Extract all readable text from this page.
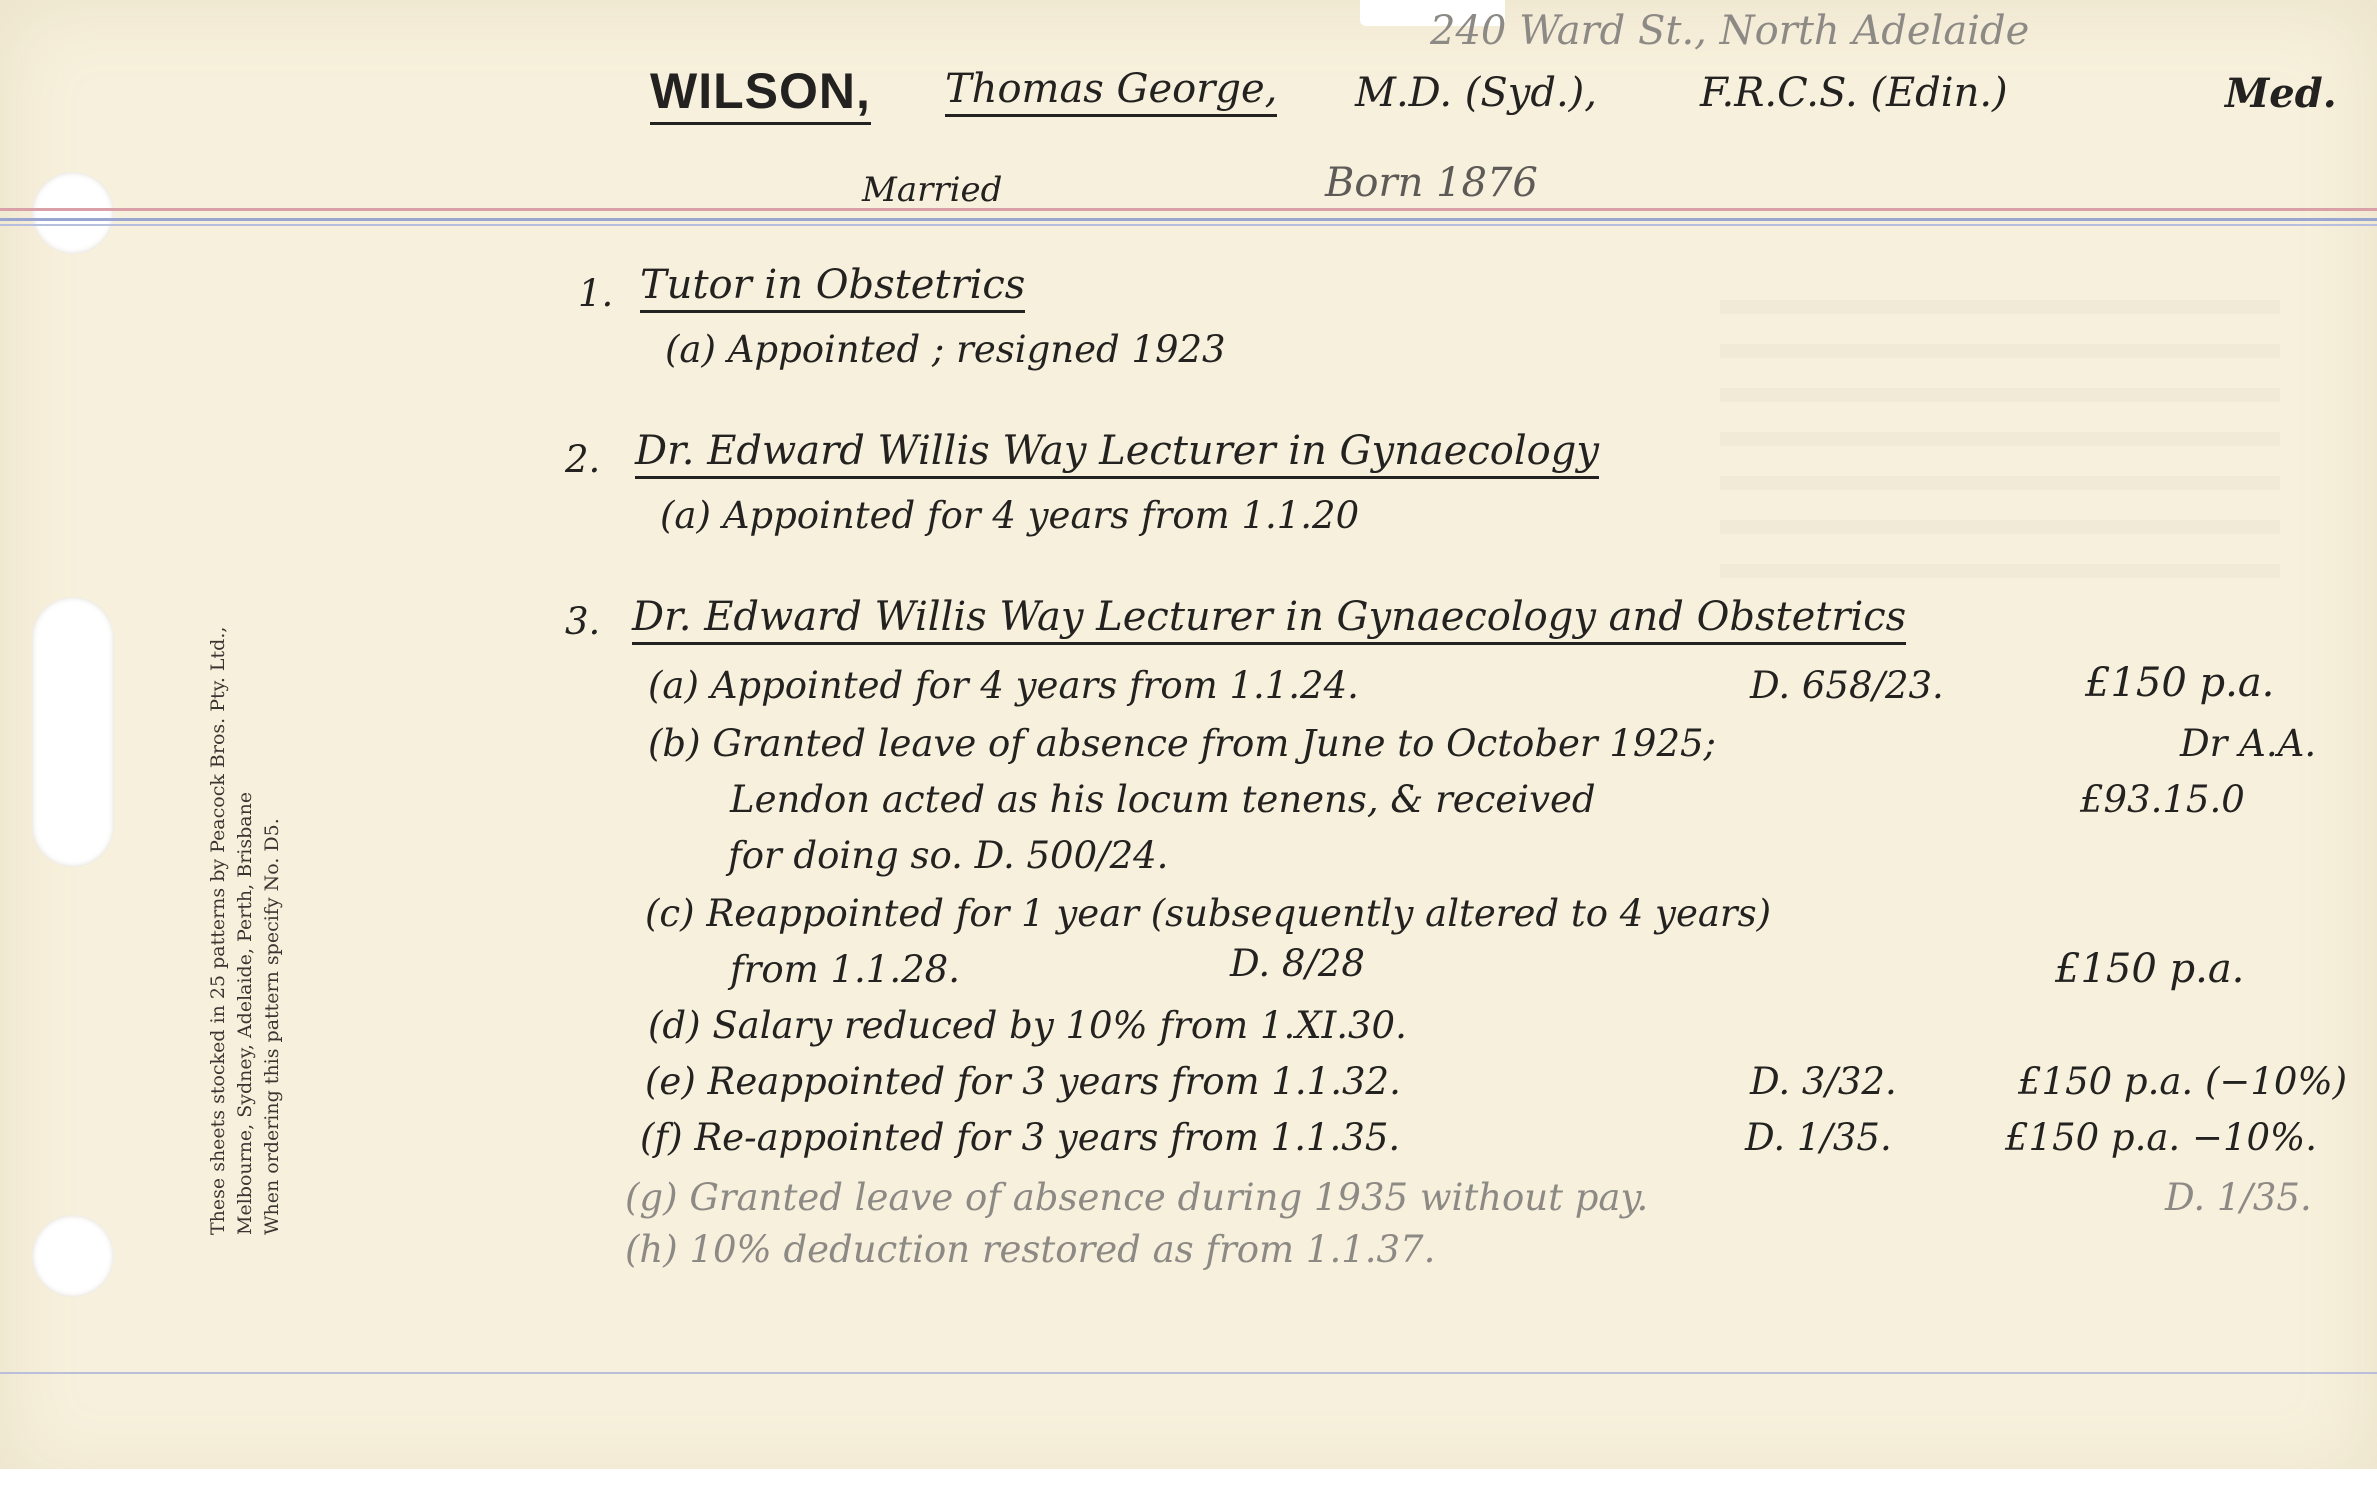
240 Ward St., North Adelaide
WILSON, Thomas George, M.D. (Syd.),	F.R.C.S. (Edin.)	Med.
Married	Born 1876
These sheets stocked in 25 patterns by Peacock Bros. Pty. Ltd., Melbourne, Sydney, Adelaide, Perth, Brisbane When ordering this pattern specify No. D5.
1. Tutor in Obstetrics
(a) Appointed ; resigned 1923
2. Dr. Edward Willis Way Lecturer in Gynaecology
(a) Appointed for 4 years from 1.1.20
3. Dr. Edward Willis Way Lecturer in Gynaecology and Obstetrics
(a) Appointed for 4 years from 1.1.24.	D. 658/23.	£150 p.a.
(b) Granted leave of absence from June to October 1925;	Dr A.A.
Lendon acted as his locum tenens, & received	£93.15.0
for doing so. D. 500/24.
(c) Reappointed for 1 year (subsequently altered to 4 years)
from 1.1.28.	D. 8/28	£150 p.a.
(d) Salary reduced by 10% from 1.XI.30.
(e) Reappointed for 3 years from 1.1.32.	D. 3/32.	£150 p.a. (−10%)
(f) Re-appointed for 3 years from 1.1.35.	D. 1/35.	£150 p.a. −10%.
(g) Granted leave of absence during 1935 without pay.	D. 1/35.
(h) 10% deduction restored as from 1.1.37.
